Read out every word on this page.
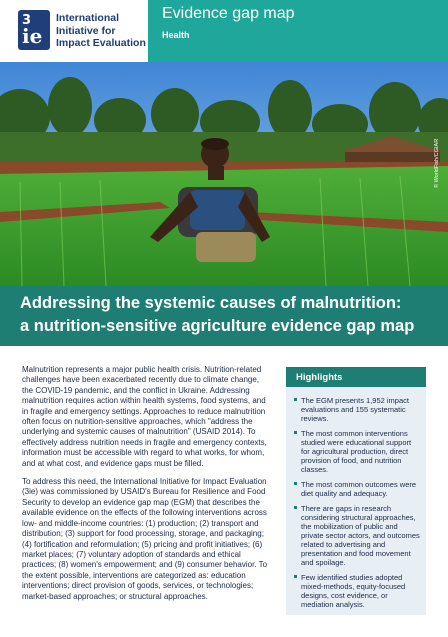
3
ie
International
Initiative for
Impact Evaluation
Evidence gap map
Health
© WorldFish/CGIAR
Addressing the systemic causes of malnutrition:
a nutrition-sensitive agriculture evidence gap map

Malnutrition represents a major public health crisis. Nutrition-related challenges have been exacerbated recently due to climate change, the COVID-19 pandemic, and the conflict in Ukraine. Addressing malnutrition requires action within health systems, food systems, and in fragile and emergency settings. Approaches to reduce malnutrition often focus on nutrition-sensitive approaches, which "address the underlying and systemic causes of malnutrition" (USAID 2014). To effectively address nutrition needs in fragile and emergency contexts, information must be accessible with regard to what works, for whom, and at what cost, and evidence gaps must be filled.

To address this need, the International Initiative for Impact Evaluation (3ie) was commissioned by USAID's Bureau for Resilience and Food Security to develop an evidence gap map (EGM) that describes the available evidence on the effects of the following interventions across low- and middle-income countries: (1) production; (2) transport and distribution; (3) support for food processing, storage, and packaging; (4) fortification and reformulation; (5) pricing and profit initiatives; (6) market places; (7) voluntary adoption of standards and ethical practices; (8) women's empowerment; and (9) consumer behavior. To the extent possible, interventions are categorized as: education interventions; direct provision of goods, services, or technologies; market-based approaches; or structural approaches.

Highlights
The EGM presents 1,952 impact evaluations and 155 systematic reviews.
The most common interventions studied were educational support for agricultural production, direct provision of food, and nutrition classes.
The most common outcomes were diet quality and adequacy.
There are gaps in research considering structural approaches, the mobilization of public and private sector actors, and outcomes related to advertising and presentation and food movement and spoilage.
Few identified studies adopted mixed-methods, equity-focused designs, cost evidence, or mediation analysis.
